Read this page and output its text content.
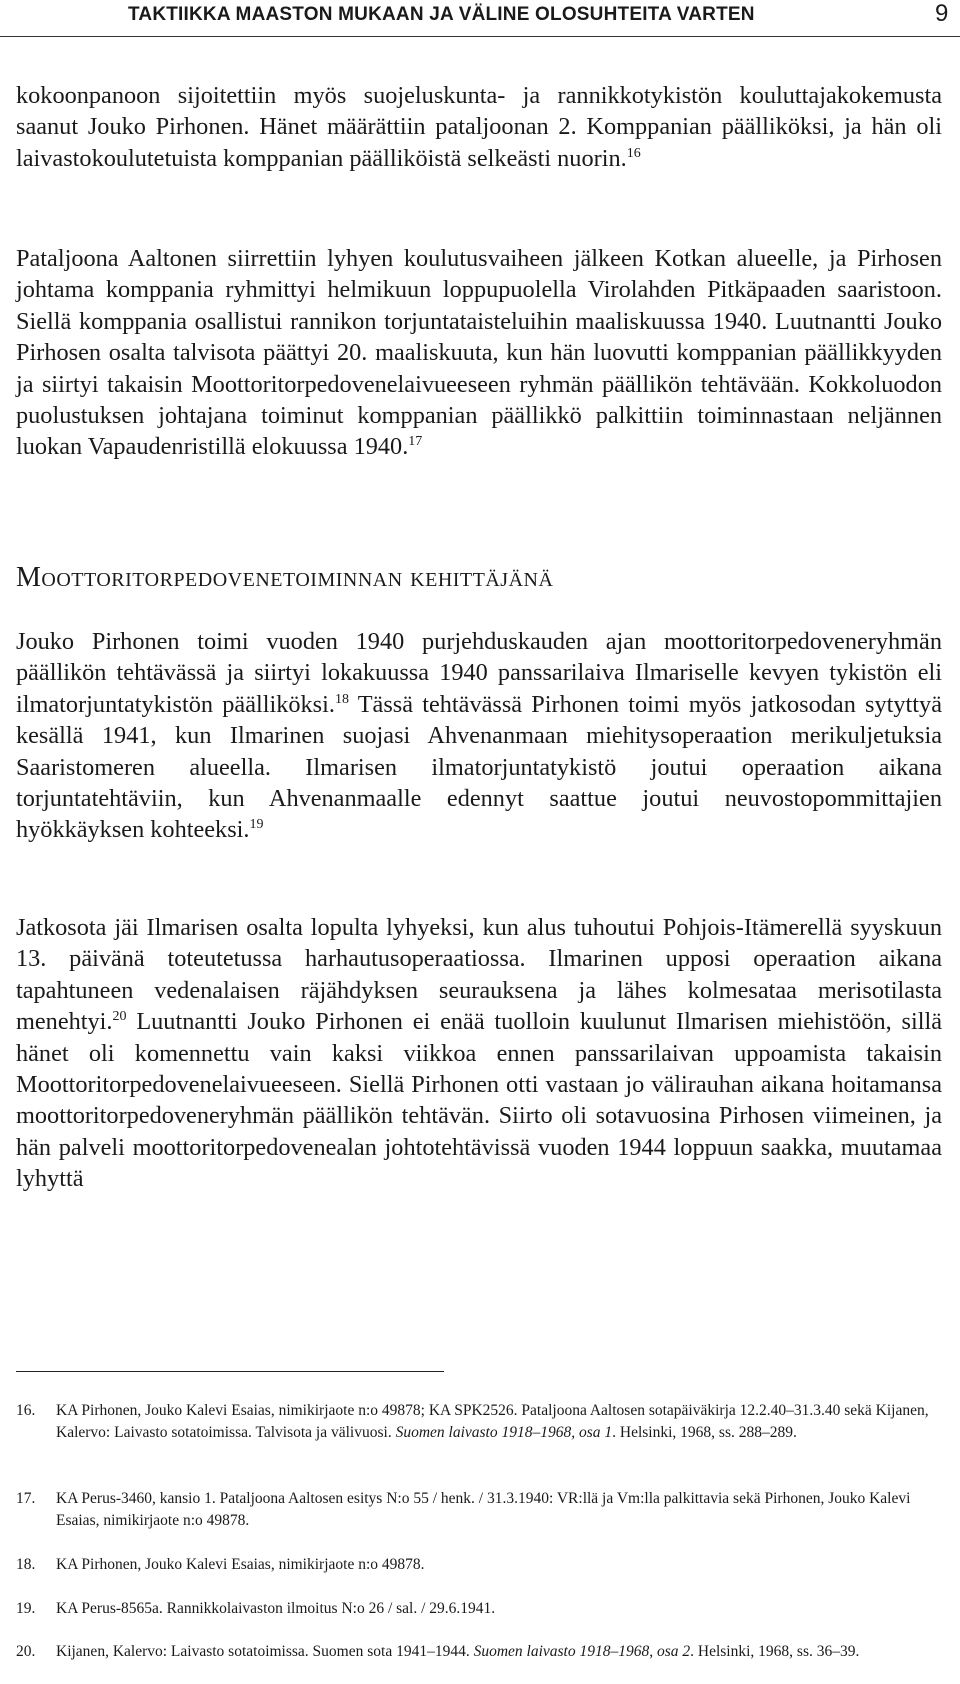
TAKTIIKKA MAASTON MUKAAN JA VÄLINE OLOSUHTEITA VARTEN	9

kokoonpanoon sijoitettiin myös suojeluskunta- ja rannikkotykistön kouluttajakokemusta saanut Jouko Pirhonen. Hänet määrättiin pataljoonan 2. Komppanian päälliköksi, ja hän oli laivastokoulutetuista komppanian päälliköistä selkeästi nuorin.$^{16}$

Pataljoona Aaltonen siirrettiin lyhyen koulutusvaiheen jälkeen Kotkan alueelle, ja Pirhosen johtama komppania ryhmittyi helmikuun loppupuolella Virolahden Pitkäpaaden saaristoon. Siellä komppania osallistui rannikon torjuntataisteluihin maaliskuussa 1940. Luutnantti Jouko Pirhosen osalta talvisota päättyi 20. maaliskuuta, kun hän luovutti komppanian päällikkyyden ja siirtyi takaisin Moottoritorpedovenelaivueeseen ryhmän päällikön tehtävään. Kokkoluodon puolustuksen johtajana toiminut komppanian päällikkö palkittiin toiminnastaan neljännen luokan Vapaudenristillä elokuussa 1940.17

Moottoritorpedovenetoiminnan kehittäjänä

Jouko Pirhonen toimi vuoden 1940 purjehduskauden ajan moottoritorpedoveneryhmän päällikön tehtävässä ja siirtyi lokakuussa 1940 panssarilaiva Ilmariselle kevyen tykistön eli ilmatorjuntatykistön päälliköksi.$^{18}$ Tässä tehtävässä Pirhonen toimi myös jatkosodan sytyttyä kesällä 1941, kun Ilmarinen suojasi Ahvenanmaan miehitysoperaation merikuljetuksia Saaristomeren alueella. Ilmarisen ilmatorjuntatykistö joutui operaation aikana torjuntatehtäviin, kun Ahvenanmaalle edennyt saattue joutui neuvostopommittajien hyökkäyksen kohteeksi.$^{19}$

Jatkosota jäi Ilmarisen osalta lopulta lyhyeksi, kun alus tuhoutui Pohjois-Itämerellä syyskuun 13. päivänä toteutetussa harhautusoperaatiossa. Ilmarinen upposi operaation aikana tapahtuneen vedenalaisen räjähdyksen seurauksena ja lähes kolmesataa merisotilasta menehtyi.$^{20}$ Luutnantti Jouko Pirhonen ei enää tuolloin kuulunut Ilmarisen miehistöön, sillä hänet oli komennettu vain kaksi viikkoa ennen panssarilaivan uppoamista takaisin Moottoritorpedovenelaivueeseen. Siellä Pirhonen otti vastaan jo välirauhan aikana hoitamansa moottoritorpedoveneryhmän päällikön tehtävän. Siirto oli sotavuosina Pirhosen viimeinen, ja hän palveli moottoritorpedovenealan johtotehtävissä vuoden 1944 loppuun saakka, muutamaa lyhyttä

16.	KA Pirhonen, Jouko Kalevi Esaias, nimikirjaote n:o 49878; KA SPK2526. Pataljoona Aaltosen sotapäiväkirja 12.2.40–31.3.40 sekä Kijanen, Kalervo: Laivasto sotatoimissa. Talvisota ja välivuosi. Suomen laivasto 1918–1968, osa 1. Helsinki, 1968, ss. 288–289.
17.	KA Perus-3460, kansio 1. Pataljoona Aaltosen esitys N:o 55 / henk. / 31.3.1940: VR:llä ja Vm:lla palkittavia sekä Pirhonen, Jouko Kalevi Esaias, nimikirjaote n:o 49878.
18.	KA Pirhonen, Jouko Kalevi Esaias, nimikirjaote n:o 49878.
19.	KA Perus-8565a. Rannikkolaivaston ilmoitus N:o 26 / sal. / 29.6.1941.
20.	Kijanen, Kalervo: Laivasto sotatoimissa. Suomen sota 1941–1944. Suomen laivasto 1918–1968, osa 2. Helsinki, 1968, ss. 36–39.
